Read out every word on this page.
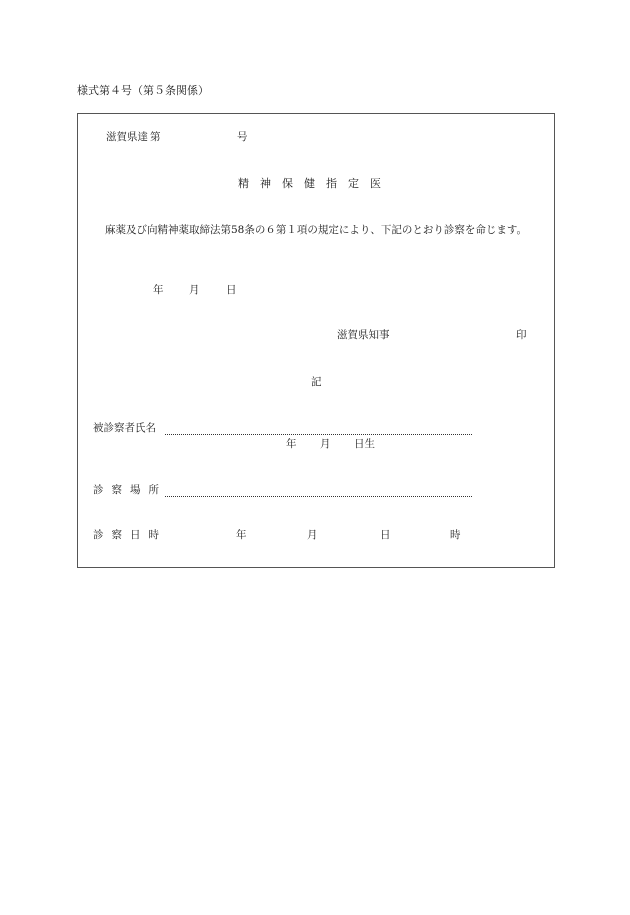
様式第４号（第５条関係）
滋賀県達 第	号
精神保健指定医
麻薬及び向精神薬取締法第58条の６第１項の規定により、下記のとおり診察を命じます。
年 月	日
滋賀県知事	印
記
被診察者氏名
年 月 日生
診察場所
診察日時	年	月	日	時
